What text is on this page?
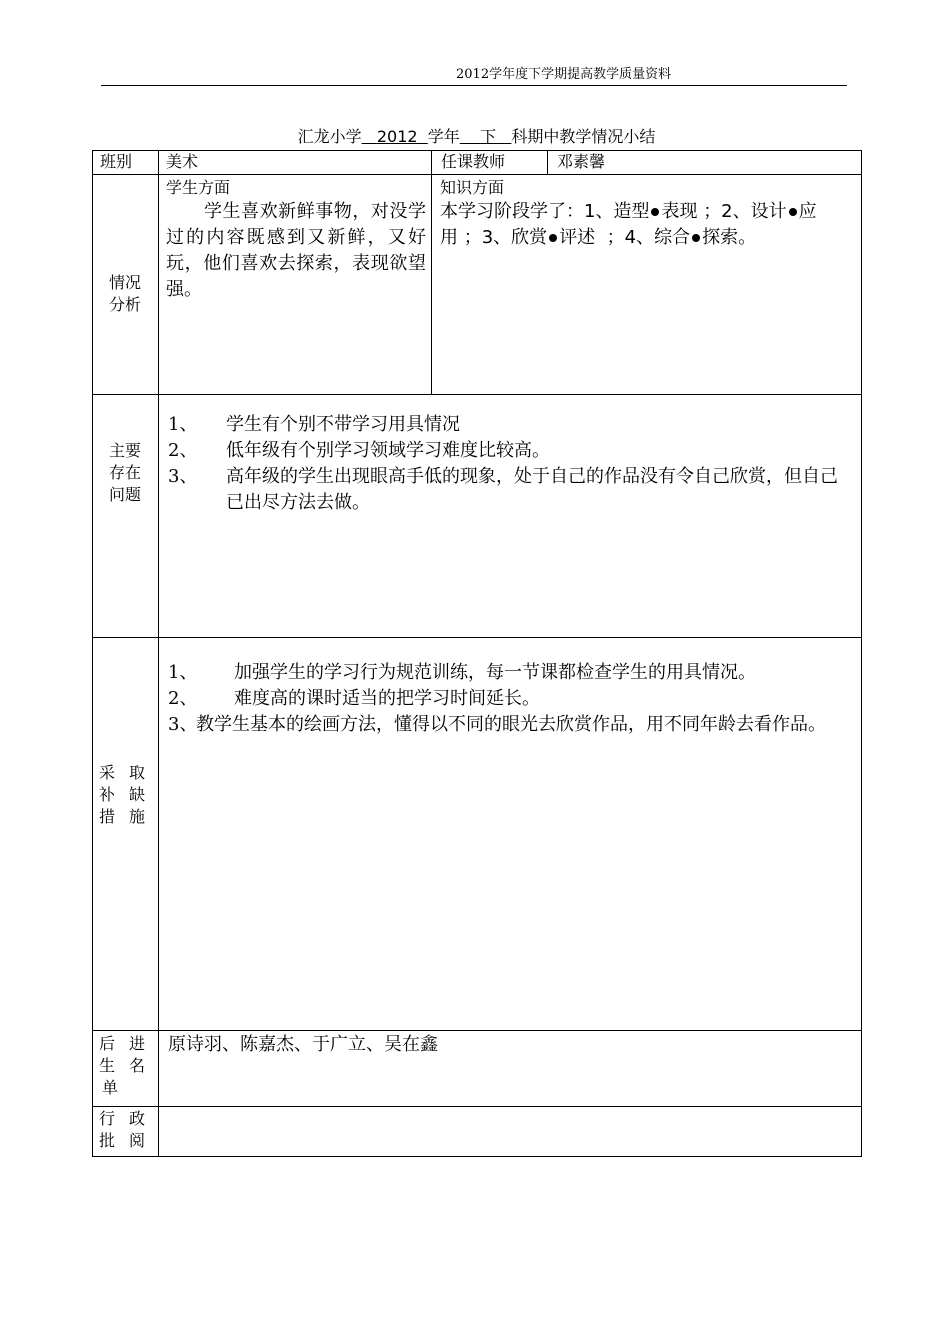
2012学年度下学期提高教学质量资料
汇龙小学 2012 学年 下 科期中教学情况小结
班别 美术	任课教师	邓素馨
情况
分析
学生方面
学生喜欢新鲜事物，对没学过的内容既感到又新鲜，又好玩，他们喜欢去探索，表现欲望强。
知识方面
本学习阶段学了：1、造型 表现 ；2、设计 应用 ；3、欣赏 评述 ；4、综合 探索。
主要
存在
问题
1、 学生有个别不带学习用具情况
2、 低年级有个别学习领域学习难度比较高。
3、 高年级的学生出现眼高手低的现象，处于自己的作品没有令自己欣赏，但自己已出尽方法去做。
采取
补缺
措施
1、 加强学生的学习行为规范训练，每一节课都检查学生的用具情况。
2、 难度高的课时适当的把学习时间延长。
3、
教学生基本的绘画方法，懂得以不同的眼光去欣赏作品，用不同年龄去看作品。
后进
生名
单
原诗羽、陈嘉杰、于广立、吴在鑫
行政
批阅
